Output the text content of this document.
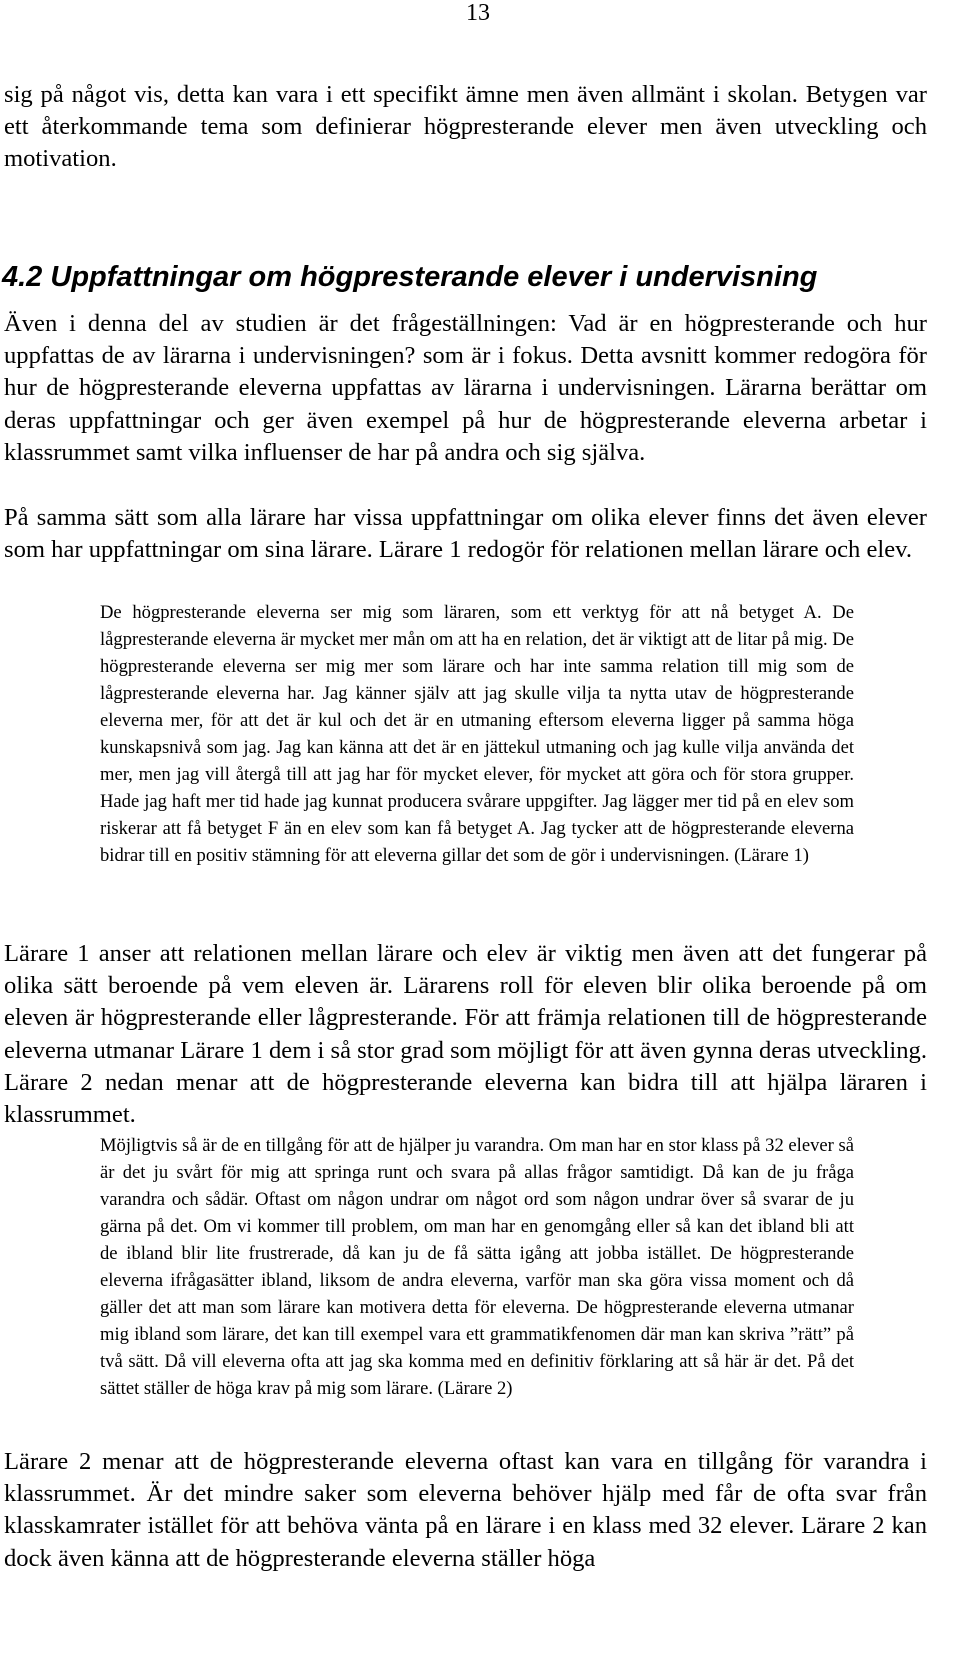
13

sig på något vis, detta kan vara i ett specifikt ämne men även allmänt i skolan. Betygen var ett återkommande tema som definierar högpresterande elever men även utveckling och motivation.

4.2 Uppfattningar om högpresterande elever i undervisning

Även i denna del av studien är det frågeställningen: Vad är en högpresterande och hur uppfattas de av lärarna i undervisningen? som är i fokus. Detta avsnitt kommer redogöra för hur de högpresterande eleverna uppfattas av lärarna i undervisningen. Lärarna berättar om deras uppfattningar och ger även exempel på hur de högpresterande eleverna arbetar i klassrummet samt vilka influenser de har på andra och sig själva.

På samma sätt som alla lärare har vissa uppfattningar om olika elever finns det även elever som har uppfattningar om sina lärare. Lärare 1 redogör för relationen mellan lärare och elev.

De högpresterande eleverna ser mig som läraren, som ett verktyg för att nå betyget A. De lågpresterande eleverna är mycket mer mån om att ha en relation, det är viktigt att de litar på mig. De högpresterande eleverna ser mig mer som lärare och har inte samma relation till mig som de lågpresterande eleverna har. Jag känner själv att jag skulle vilja ta nytta utav de högpresterande eleverna mer, för att det är kul och det är en utmaning eftersom eleverna ligger på samma höga kunskapsnivå som jag. Jag kan känna att det är en jättekul utmaning och jag kulle vilja använda det mer, men jag vill återgå till att jag har för mycket elever, för mycket att göra och för stora grupper. Hade jag haft mer tid hade jag kunnat producera svårare uppgifter. Jag lägger mer tid på en elev som riskerar att få betyget F än en elev som kan få betyget A. Jag tycker att de högpresterande eleverna bidrar till en positiv stämning för att eleverna gillar det som de gör i undervisningen. (Lärare 1)

Lärare 1 anser att relationen mellan lärare och elev är viktig men även att det fungerar på olika sätt beroende på vem eleven är. Lärarens roll för eleven blir olika beroende på om eleven är högpresterande eller lågpresterande. För att främja relationen till de högpresterande eleverna utmanar Lärare 1 dem i så stor grad som möjligt för att även gynna deras utveckling. Lärare 2 nedan menar att de högpresterande eleverna kan bidra till att hjälpa läraren i klassrummet.

Möjligtvis så är de en tillgång för att de hjälper ju varandra. Om man har en stor klass på 32 elever så är det ju svårt för mig att springa runt och svara på allas frågor samtidigt. Då kan de ju fråga varandra och sådär. Oftast om någon undrar om något ord som någon undrar över så svarar de ju gärna på det. Om vi kommer till problem, om man har en genomgång eller så kan det ibland bli att de ibland blir lite frustrerade, då kan ju de få sätta igång att jobba istället. De högpresterande eleverna ifrågasätter ibland, liksom de andra eleverna, varför man ska göra vissa moment och då gäller det att man som lärare kan motivera detta för eleverna. De högpresterande eleverna utmanar mig ibland som lärare, det kan till exempel vara ett grammatikfenomen där man kan skriva ”rätt” på två sätt. Då vill eleverna ofta att jag ska komma med en definitiv förklaring att så här är det. På det sättet ställer de höga krav på mig som lärare. (Lärare 2)

Lärare 2 menar att de högpresterande eleverna oftast kan vara en tillgång för varandra i klassrummet. Är det mindre saker som eleverna behöver hjälp med får de ofta svar från klasskamrater istället för att behöva vänta på en lärare i en klass med 32 elever. Lärare 2 kan dock även känna att de högpresterande eleverna ställer höga
